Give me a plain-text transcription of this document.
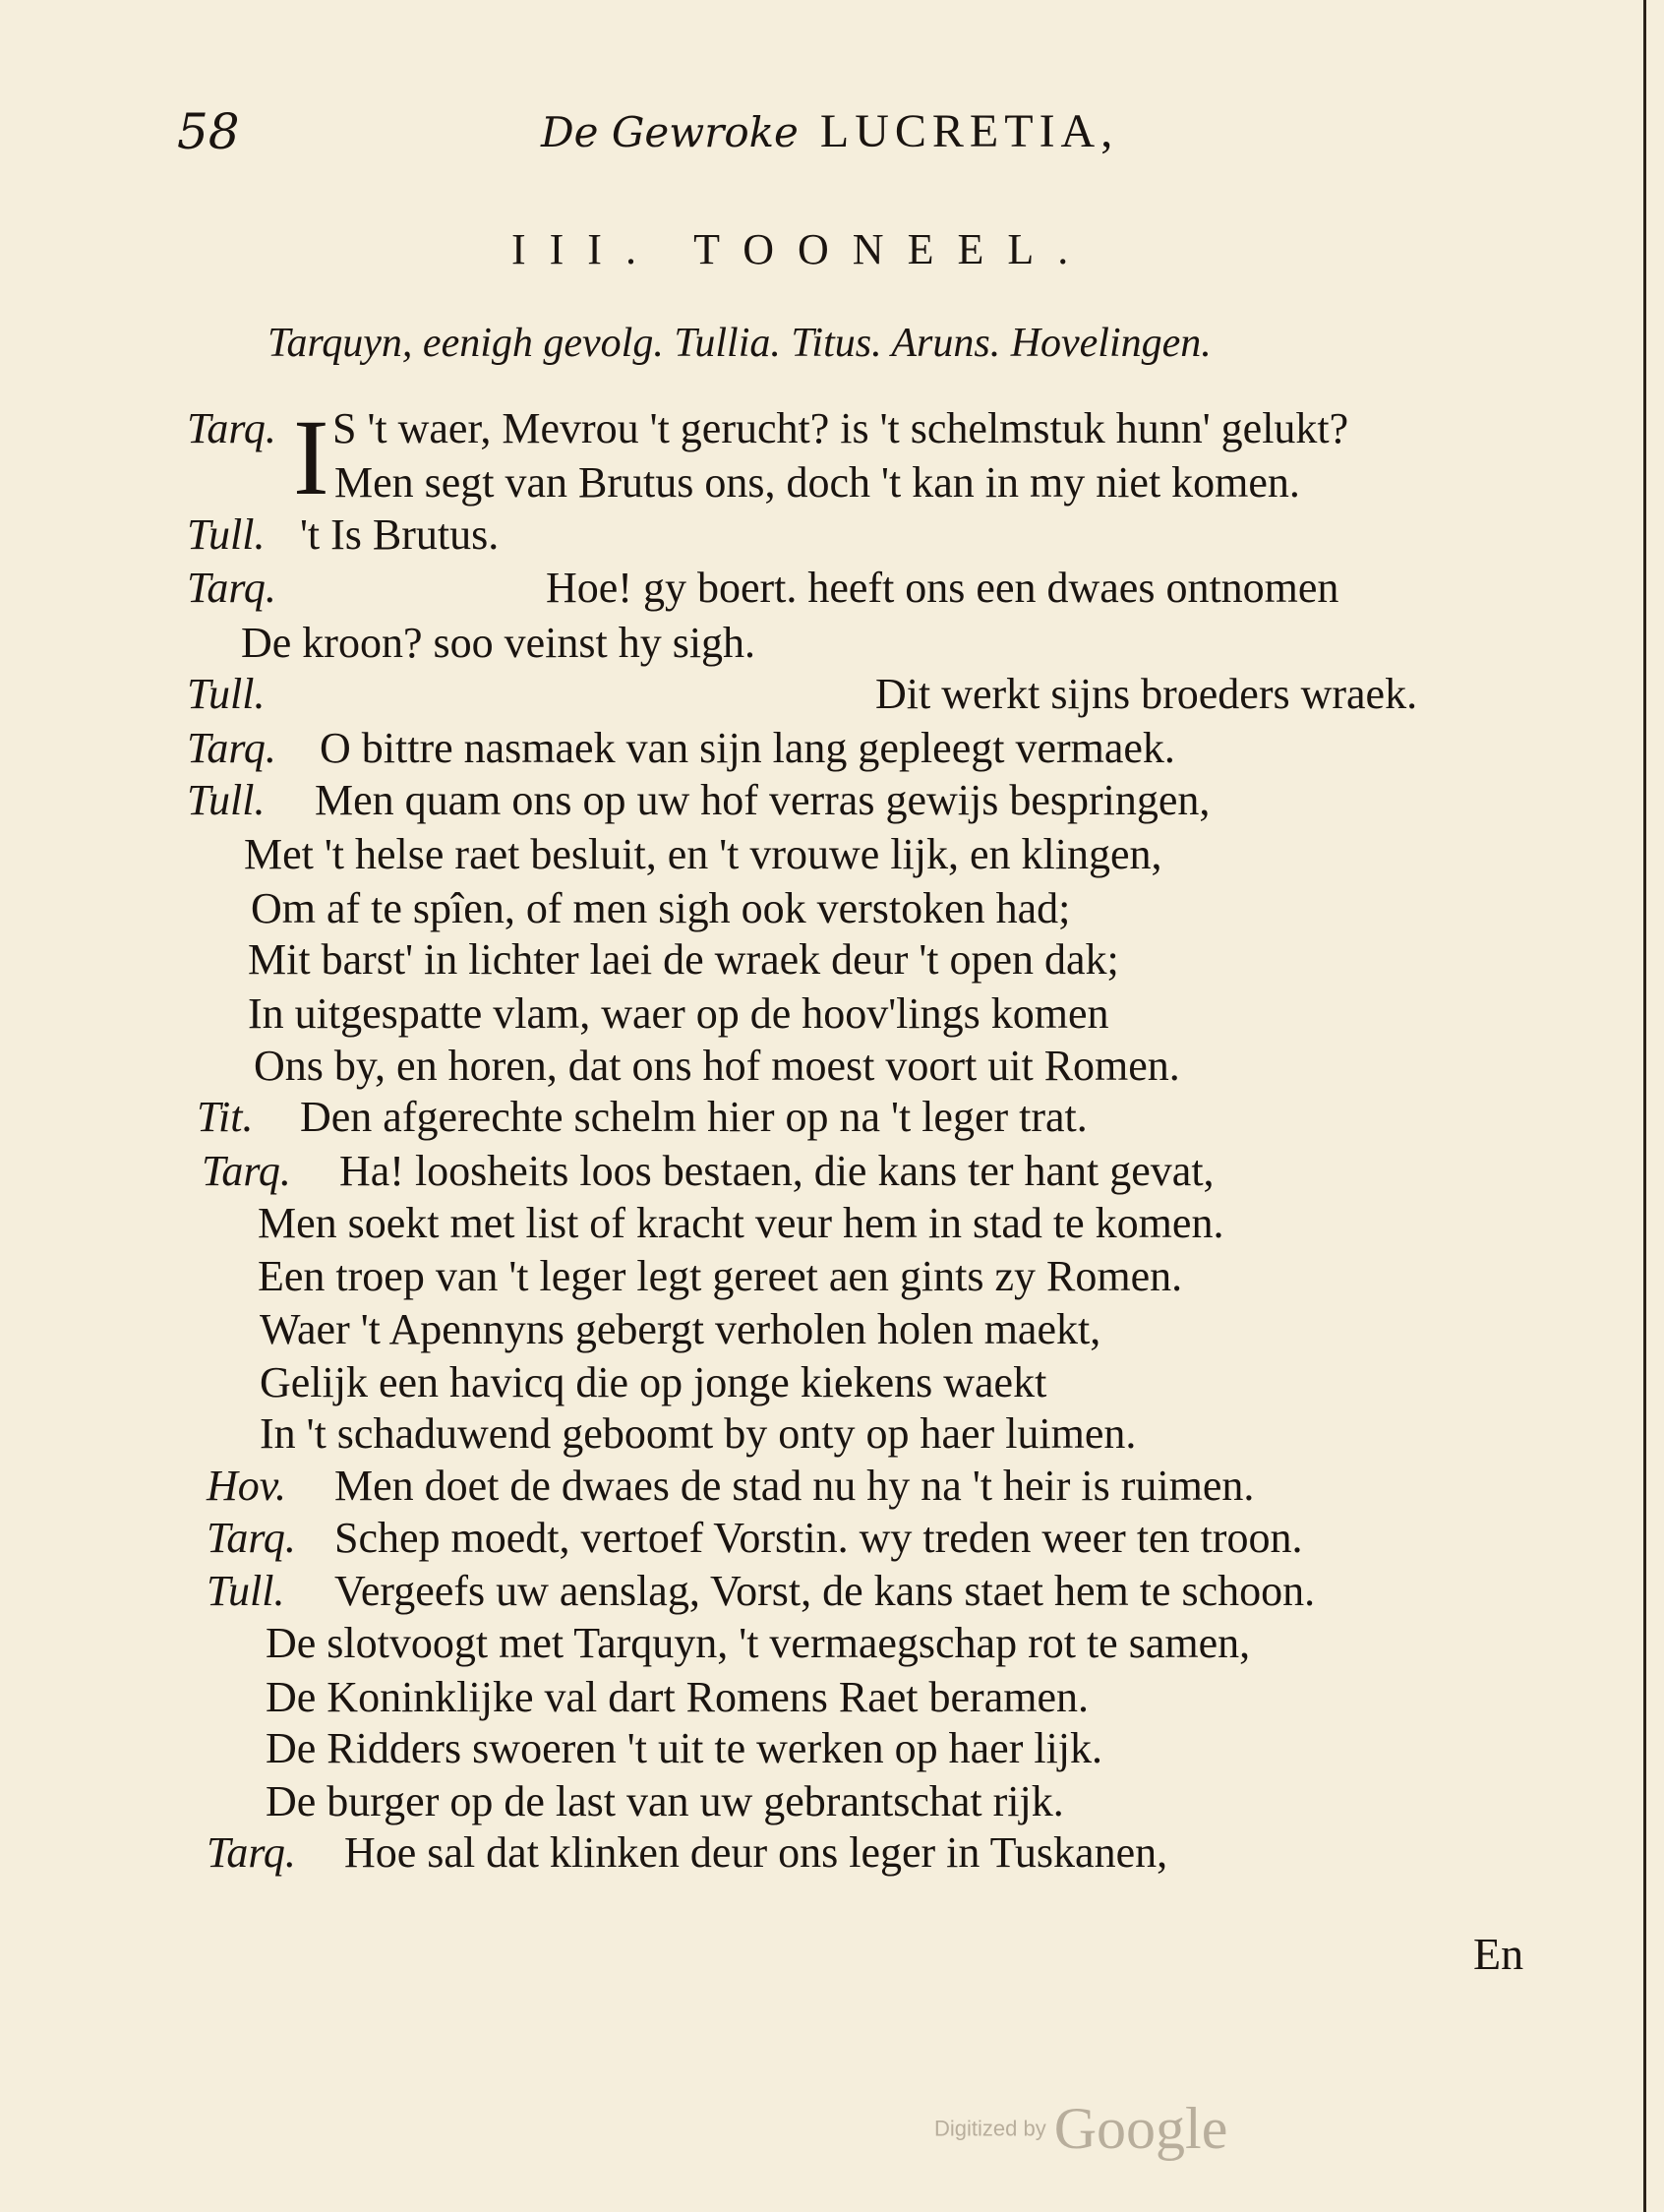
58	De Gewroke LUCRETIA,
III. TOONEEL.
Tarquyn, eenigh gevolg. Tullia. Titus. Aruns. Hovelingen.
I
Tarq. S 't waer, Mevrou 't gerucht? is 't schelmstuk hunn' gelukt?
Men segt van Brutus ons, doch 't kan in my niet komen.
Tull. 't Is Brutus.
Tarq.	Hoe! gy boert. heeft ons een dwaes ontnomen
De kroon? soo veinst hy sigh.
Tull.	Dit werkt sijns broeders wraek.
Tarq. O bittre nasmaek van sijn lang gepleegt vermaek.
Tull. Men quam ons op uw hof verras gewijs bespringen,
Met 't helse raet besluit, en 't vrouwe lijk, en klingen,
Om af te spîen, of men sigh ook verstoken had;
Mit barst' in lichter laei de wraek deur 't open dak;
In uitgespatte vlam, waer op de hoov'lings komen
Ons by, en horen, dat ons hof moest voort uit Romen.
Tit. Den afgerechte schelm hier op na 't leger trat.
Tarq. Ha! loosheits loos bestaen, die kans ter hant gevat,
Men soekt met list of kracht veur hem in stad te komen.
Een troep van 't leger legt gereet aen gints zy Romen.
Waer 't Apennyns gebergt verholen holen maekt,
Gelijk een havicq die op jonge kiekens waekt
In 't schaduwend geboomt by onty op haer luimen.
Hov. Men doet de dwaes de stad nu hy na 't heir is ruimen.
Tarq. Schep moedt, vertoef Vorstin. wy treden weer ten troon.
Tull. Vergeefs uw aenslag, Vorst, de kans staet hem te schoon.
De slotvoogt met Tarquyn, 't vermaegschap rot te samen,
De Koninklijke val dart Romens Raet beramen.
De Ridders swoeren 't uit te werken op haer lijk.
De burger op de last van uw gebrantschat rijk.
Tarq. Hoe sal dat klinken deur ons leger in Tuskanen,
En
Digitized by Google
